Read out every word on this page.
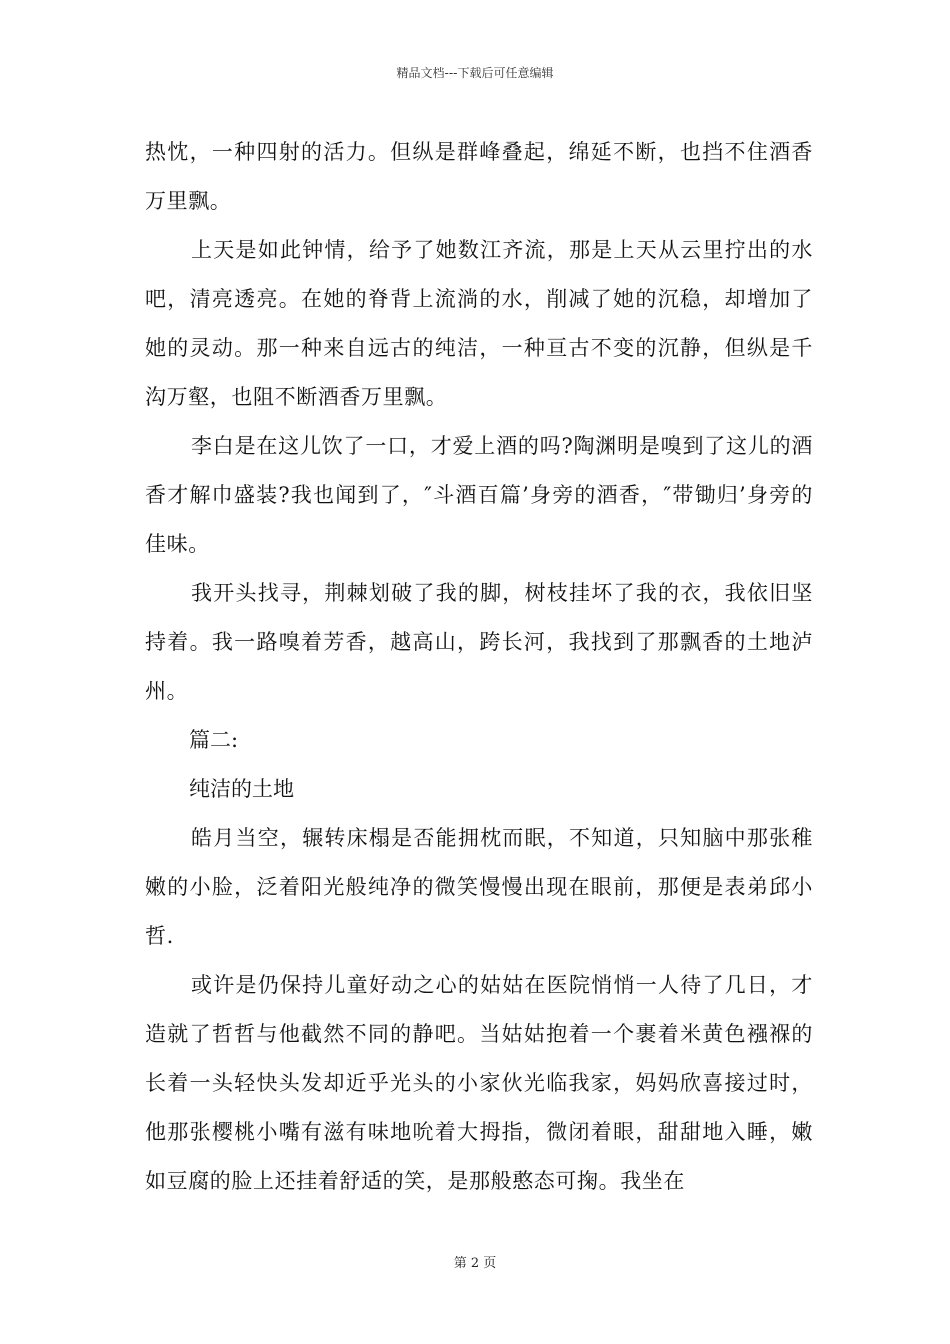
精品文档---下载后可任意编辑

热忱，一种四射的活力。但纵是群峰叠起，绵延不断，也挡不住酒香万里飘。

上天是如此钟情，给予了她数江齐流，那是上天从云里拧出的水吧，清亮透亮。在她的脊背上流淌的水，削减了她的沉稳，却增加了她的灵动。那一种来自远古的纯洁，一种亘古不变的沉静，但纵是千沟万壑，也阻不断酒香万里飘。

李白是在这儿饮了一口，才爱上酒的吗?陶渊明是嗅到了这儿的酒香才解巾盛装?我也闻到了，″斗酒百篇’身旁的酒香，″带锄归’身旁的佳味。

我开头找寻，荆棘划破了我的脚，树枝挂坏了我的衣，我依旧坚持着。我一路嗅着芳香，越高山，跨长河，我找到了那飘香的土地泸州。

篇二:

纯洁的土地

皓月当空，辗转床榻是否能拥枕而眠，不知道，只知脑中那张稚嫩的小脸，泛着阳光般纯净的微笑慢慢出现在眼前，那便是表弟邱小哲.

或许是仍保持儿童好动之心的姑姑在医院悄悄一人待了几日，才造就了哲哲与他截然不同的静吧。当姑姑抱着一个裹着米黄色襁褓的长着一头轻快头发却近乎光头的小家伙光临我家，妈妈欣喜接过时，他那张樱桃小嘴有滋有味地吮着大拇指，微闭着眼，甜甜地入睡，嫩如豆腐的脸上还挂着舒适的笑，是那般憨态可掬。我坐在

第 2 页
